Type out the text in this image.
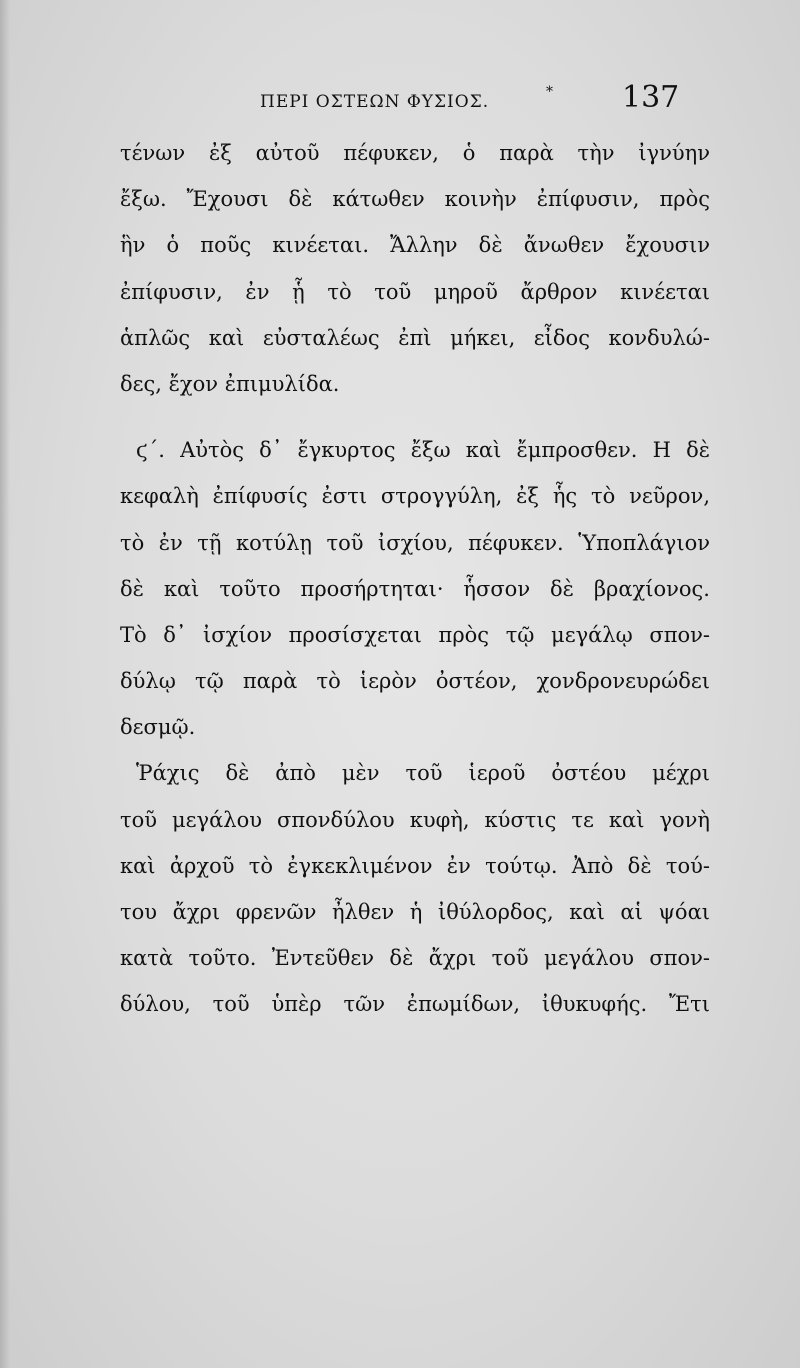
ΠΕΡΙ ΟΣΤΕΩΝ ΦΥΣΙΟΣ.	* 137
τένων ἐξ αὐτοῦ πέφυκεν, ὁ παρὰ τὴν ἰγνύην
ἔξω. Ἔχουσι δὲ κάτωθεν κοινὴν ἐπίφυσιν, πρὸς
ἣν ὁ ποῦς κινέεται. Ἄλλην δὲ ἄνωθεν ἔχουσιν
ἐπίφυσιν, ἐν ᾗ τὸ τοῦ μηροῦ ἄρθρον κινέεται
ἁπλῶς καὶ εὐσταλέως ἐπὶ μήκει, εἶδος κονδυλώ-
δες, ἔχον ἐπιμυλίδα.
ϛ΄. Αὐτὸς δ᾽ ἔγκυρτος ἔξω καὶ ἔμπροσθεν. Η δὲ
κεφαλὴ ἐπίφυσίς ἐστι στρογγύλη, ἐξ ἧς τὸ νεῦρον,
τὸ ἐν τῇ κοτύλῃ τοῦ ἰσχίου, πέφυκεν. Ὑποπλάγιον
δὲ καὶ τοῦτο προσήρτηται· ἧσσον δὲ βραχίονος.
Τὸ δ᾽ ἰσχίον προσίσχεται πρὸς τῷ μεγάλῳ σπον-
δύλῳ τῷ παρὰ τὸ ἱερὸν ὀστέον, χονδρονευρώδει
δεσμῷ.
Ῥάχις δὲ ἀπὸ μὲν τοῦ ἱεροῦ ὀστέου μέχρι
τοῦ μεγάλου σπονδύλου κυφὴ, κύστις τε καὶ γονὴ
καὶ ἀρχοῦ τὸ ἐγκεκλιμένον ἐν τούτῳ. Ἀπὸ δὲ τού-
του ἄχρι φρενῶν ἦλθεν ἡ ἰθύλορδος, καὶ αἱ ψόαι
κατὰ τοῦτο. Ἐντεῦθεν δὲ ἄχρι τοῦ μεγάλου σπον-
δύλου, τοῦ ὑπὲρ τῶν ἐπωμίδων, ἰθυκυφής. Ἔτι
